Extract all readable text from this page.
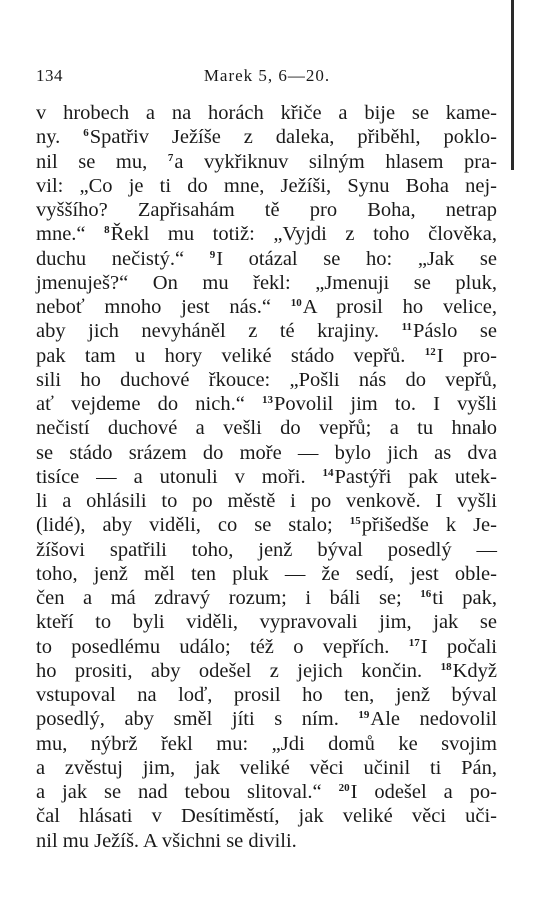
134	Marek 5, 6—20.
v hrobech a na horách křiče a bije se kame-
ny. $^6$Spatřiv Ježíše z daleka, přiběhl, poklo-
nil se mu, $^7$a vykřiknuv silným hlasem pra-
vil: „Co je ti do mne, Ježíši, Synu Boha nej-
vyššího? Zapřisahám tě pro Boha, netrap
mne.“ $^8$Řekl mu totiž: „Vyjdi z toho člověka,
duchu nečistý.“ $^9$I otázal se ho: „Jak se
jmenuješ?“ On mu řekl: „Jmenuji se pluk,
neboť mnoho jest nás.“ $^{10}$A prosil ho velice,
aby jich nevyháněl z té krajiny. $^{11}$Páslo se
pak tam u hory veliké stádo vepřů. $^{12}$I pro-
sili ho duchové řkouce: „Pošli nás do vepřů,
ať vejdeme do nich.“ $^{13}$Povolil jim to. I vyšli
nečistí duchové a vešli do vepřů; a tu hnalo
se stádo srázem do moře — bylo jich as dva
tisíce — a utonuli v moři. $^{14}$Pastýři pak utek-
li a ohlásili to po městě i po venkově. I vyšli
(lidé), aby viděli, co se stalo; $^{15}$přišedše k Je-
žíšovi spatřili toho, jenž býval posedlý —
toho, jenž měl ten pluk — že sedí, jest oble-
čen a má zdravý rozum; i báli se; $^{16}$ti pak,
kteří to byli viděli, vypravovali jim, jak se
to posedlému událo; též o vepřích. $^{17}$I počali
ho prositi, aby odešel z jejich končin. $^{18}$Když
vstupoval na loď, prosil ho ten, jenž býval
posedlý, aby směl jíti s ním. $^{19}$Ale nedovolil
mu, nýbrž řekl mu: „Jdi domů ke svojim
a zvěstuj jim, jak veliké věci učinil ti Pán,
a jak se nad tebou slitoval.“ $^{20}$I odešel a po-
čal hlásati v Desítiměstí, jak veliké věci uči-
nil mu Ježíš. A všichni se divili.
